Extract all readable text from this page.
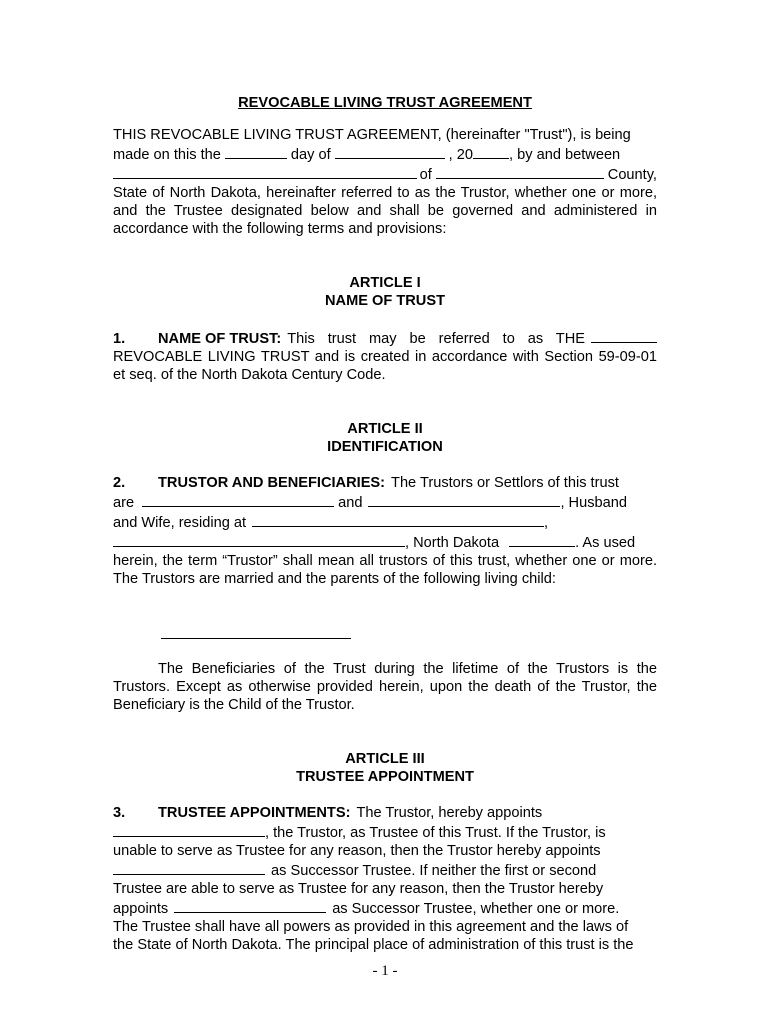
REVOCABLE LIVING TRUST AGREEMENT

THIS REVOCABLE LIVING TRUST AGREEMENT, (hereinafter "Trust"), is being

made on this the	day of	, 20 , by and between
of	County,

State of North Dakota, hereinafter referred to as the Trustor, whether one or more, and the Trustee designated below and shall be governed and administered in accordance with the following terms and provisions:

ARTICLE I

NAME OF TRUST

1.	NAME OF TRUST: This trust may be referred to as THE

REVOCABLE LIVING TRUST and is created in accordance with Section 59-09-01 et seq. of the North Dakota Century Code.

ARTICLE II

IDENTIFICATION

2.	TRUSTOR AND BENEFICIARIES: The Trustors or Settlors of this trust
are	and	, Husband
and Wife, residing at	,
, North Dakota	. As used

herein, the term “Trustor” shall mean all trustors of this trust, whether one or more. The Trustors are married and the parents of the following living child:

The Beneficiaries of the Trust during the lifetime of the Trustors is the Trustors. Except as otherwise provided herein, upon the death of the Trustor, the Beneficiary is the Child of the Trustor.

ARTICLE III

TRUSTEE APPOINTMENT

3.	TRUSTEE APPOINTMENTS: The Trustor, hereby appoints
, the Trustor, as Trustee of this Trust. If the Trustor, is

unable to serve as Trustee for any reason, then the Trustor hereby appoints

as Successor Trustee. If neither the first or second

Trustee are able to serve as Trustee for any reason, then the Trustor hereby

appoints	as Successor Trustee, whether one or more.

The Trustee shall have all powers as provided in this agreement and the laws of

the State of North Dakota. The principal place of administration of this trust is the

- 1 -
